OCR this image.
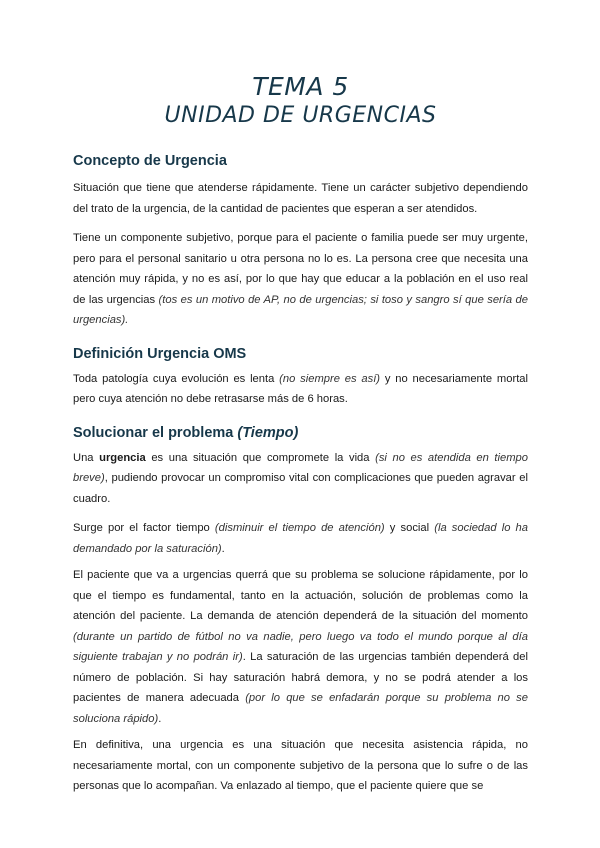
TEMA 5
UNIDAD DE URGENCIAS
Concepto de Urgencia

Situación que tiene que atenderse rápidamente. Tiene un carácter subjetivo dependiendo del trato de la urgencia, de la cantidad de pacientes que esperan a ser atendidos.

Tiene un componente subjetivo, porque para el paciente o familia puede ser muy urgente, pero para el personal sanitario u otra persona no lo es. La persona cree que necesita una atención muy rápida, y no es así, por lo que hay que educar a la población en el uso real de las urgencias (tos es un motivo de AP, no de urgencias; si toso y sangro sí que sería de urgencias).

Definición Urgencia OMS

Toda patología cuya evolución es lenta (no siempre es así) y no necesariamente mortal pero cuya atención no debe retrasarse más de 6 horas.

Solucionar el problema (Tiempo)

Una urgencia es una situación que compromete la vida (si no es atendida en tiempo breve), pudiendo provocar un compromiso vital con complicaciones que pueden agravar el cuadro.

Surge por el factor tiempo (disminuir el tiempo de atención) y social (la sociedad lo ha demandado por la saturación).

El paciente que va a urgencias querrá que su problema se solucione rápidamente, por lo que el tiempo es fundamental, tanto en la actuación, solución de problemas como la atención del paciente. La demanda de atención dependerá de la situación del momento (durante un partido de fútbol no va nadie, pero luego va todo el mundo porque al día siguiente trabajan y no podrán ir). La saturación de las urgencias también dependerá del número de población. Si hay saturación habrá demora, y no se podrá atender a los pacientes de manera adecuada (por lo que se enfadarán porque su problema no se soluciona rápido).

En definitiva, una urgencia es una situación que necesita asistencia rápida, no necesariamente mortal, con un componente subjetivo de la persona que lo sufre o de las personas que lo acompañan. Va enlazado al tiempo, que el paciente quiere que se
